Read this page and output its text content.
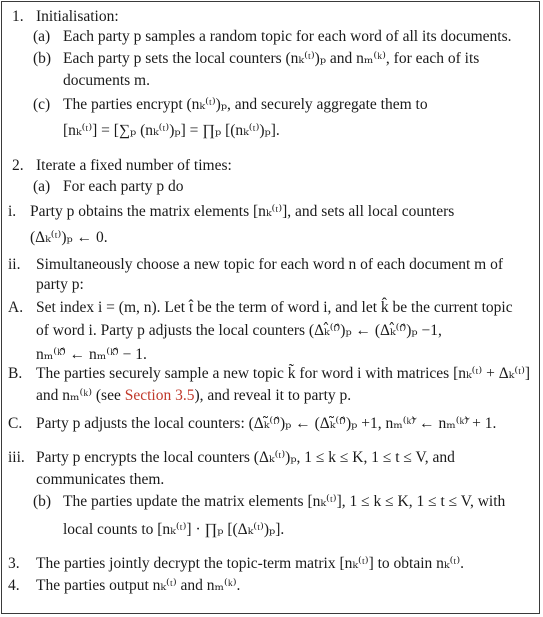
1. Initialisation:
(a) Each party p samples a random topic for each word of all its documents.
(b) Each party p sets the local counters (nₖ⁽ᵗ⁾)ₚ and nₘ⁽ᵏ⁾, for each of its
documents m.
(c) The parties encrypt (nₖ⁽ᵗ⁾)ₚ, and securely aggregate them to
[nₖ⁽ᵗ⁾] = [∑ₚ (nₖ⁽ᵗ⁾)ₚ] = ∏ₚ [(nₖ⁽ᵗ⁾)ₚ].
2. Iterate a fixed number of times:
(a) For each party p do
i. Party p obtains the matrix elements [nₖ⁽ᵗ⁾], and sets all local counters
(Δₖ⁽ᵗ⁾)ₚ ← 0.
ii. Simultaneously choose a new topic for each word n of each document m of
party p:
A. Set index i = (m, n). Let t̂ be the term of word i, and let k̂ be the current topic
of word i. Party p adjusts the local counters (Δₖ̂⁽ᵗ̂⁾)ₚ ← (Δₖ̂⁽ᵗ̂⁾)ₚ −1,
nₘ⁽ᵏ̂⁾ ← nₘ⁽ᵏ̂⁾ − 1.
B. The parties securely sample a new topic k̃ for word i with matrices [nₖ⁽ᵗ⁾ + Δₖ⁽ᵗ⁾]
and nₘ⁽ᵏ⁾ (see Section 3.5), and reveal it to party p.
C. Party p adjusts the local counters: (Δₖ̃⁽ᵗ̂⁾)ₚ ← (Δₖ̃⁽ᵗ̂⁾)ₚ +1, nₘ⁽ᵏ̃⁾ ← nₘ⁽ᵏ̃⁾ + 1.
iii. Party p encrypts the local counters (Δₖ⁽ᵗ⁾)ₚ, 1 ≤ k ≤ K, 1 ≤ t ≤ V, and
communicates them.
(b) The parties update the matrix elements [nₖ⁽ᵗ⁾], 1 ≤ k ≤ K, 1 ≤ t ≤ V, with
local counts to [nₖ⁽ᵗ⁾] · ∏ₚ [(Δₖ⁽ᵗ⁾)ₚ].
3. The parties jointly decrypt the topic-term matrix [nₖ⁽ᵗ⁾] to obtain nₖ⁽ᵗ⁾.
4. The parties output nₖ⁽ᵗ⁾ and nₘ⁽ᵏ⁾.
